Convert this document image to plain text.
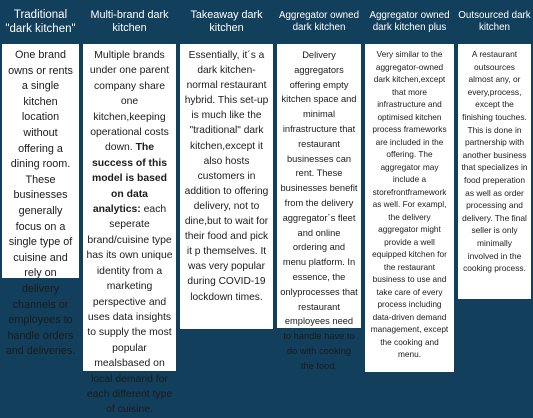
Traditional "dark kitchen"
One brand owns or rents a single kitchen location without offering a dining room. These businesses generally focus on a single type of cuisine and rely on delivery channels or employees to handle orders and deliveries.
Multi-brand dark kitchen
Multiple brands under one parent company share one kitchen,keeping operational costs down. The success of this model is based on data analytics: each seperate brand/cuisine type has its own unique identity from a marketing perspective and uses data insights to supply the most popular mealsbased on local demand for each different type of cuisine.
Takeaway dark kitchen
Essentially, it´s a dark kitchen-normal restaurant hybrid. This set-up is much like the "traditional" dark kitchen,except it also hosts customers in addition to offering delivery, not to dine,but to wait for their food and pick it p themselves. It was very popular during COVID-19 lockdown times.
Aggregator owned dark kitchen
Delivery aggregators offering empty kitchen space and minimal infrastructure that restaurant businesses can rent. These businesses benefit from the delivery aggregator´s fleet and online ordering and menu platform. In essence, the onlyprocesses that restaurant employees need to handle have to do with cooking the food.
Aggregator owned dark kitchen plus
Very similar to the aggregator-owned dark kitchen,except that more infrastructure and optimised kitchen process frameworks are included in the offering. The aggregator may include a storefrontframework as well. For exampl, the delivery aggregator might provide a well equipped kitchen for the restaurant business to use and take care of every process including data-driven demand management, except the cooking and menu.
Outsourced dark kitchen
A restaurant outsources almost any, or every,process, except the finishing touches. This is done in partnership with another business that specializes in food preperation as well as order processing and delivery. The final seller is only minimally involved in the cooking process.
